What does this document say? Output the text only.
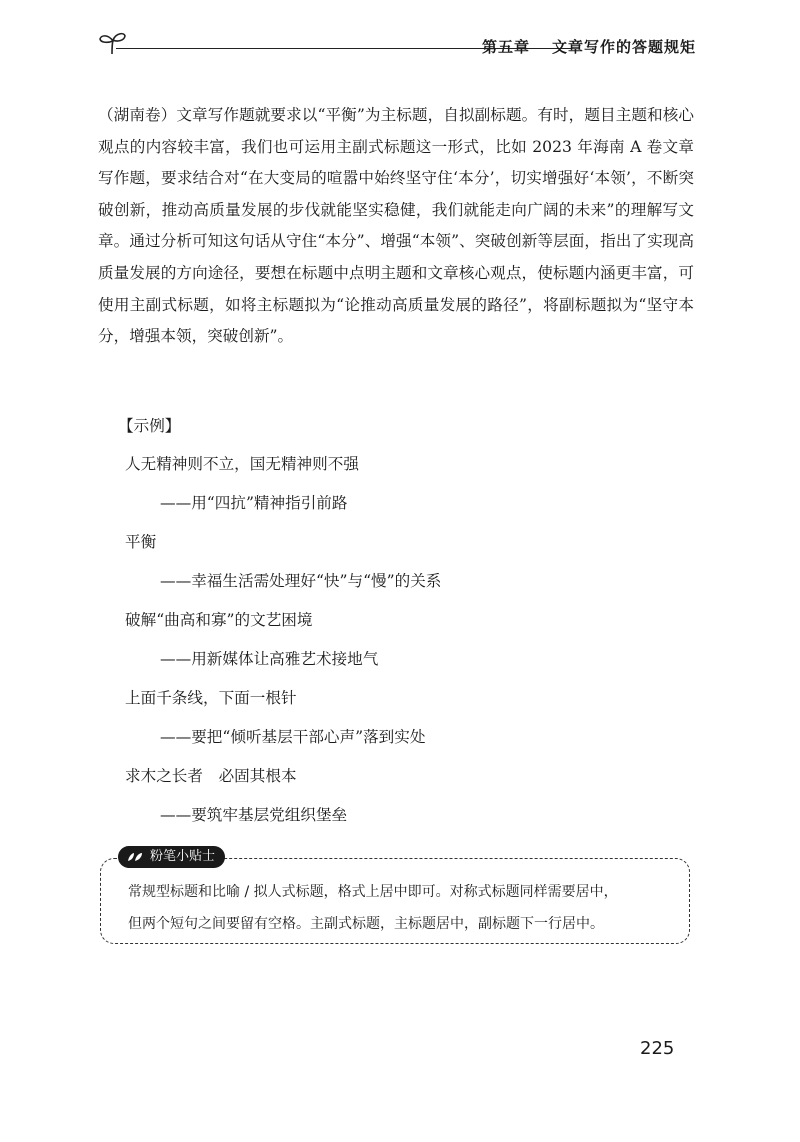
第五章 文章写作的答题规矩

（湖南卷）文章写作题就要求以“平衡”为主标题，自拟副标题。有时，题目主题和核心观点的内容较丰富，我们也可运用主副式标题这一形式，比如 2023 年海南 A 卷文章写作题，要求结合对“在大变局的喧嚣中始终坚守住‘本分’，切实增强好‘本领’，不断突破创新，推动高质量发展的步伐就能坚实稳健，我们就能走向广阔的未来”的理解写文章。通过分析可知这句话从守住“本分”、增强“本领”、突破创新等层面，指出了实现高质量发展的方向途径，要想在标题中点明主题和文章核心观点，使标题内涵更丰富，可使用主副式标题，如将主标题拟为“论推动高质量发展的路径”，将副标题拟为“坚守本分，增强本领，突破创新”。

【示例】
人无精神则不立，国无精神则不强
——用“四抗”精神指引前路
平衡
——幸福生活需处理好“快”与“慢”的关系
破解“曲高和寡”的文艺困境
——用新媒体让高雅艺术接地气
上面千条线，下面一根针
——要把“倾听基层干部心声”落到实处
求木之长者　必固其根本
——要筑牢基层党组织堡垒
粉笔小贴士

常规型标题和比喻 / 拟人式标题，格式上居中即可。对称式标题同样需要居中，

但两个短句之间要留有空格。主副式标题，主标题居中，副标题下一行居中。

225
